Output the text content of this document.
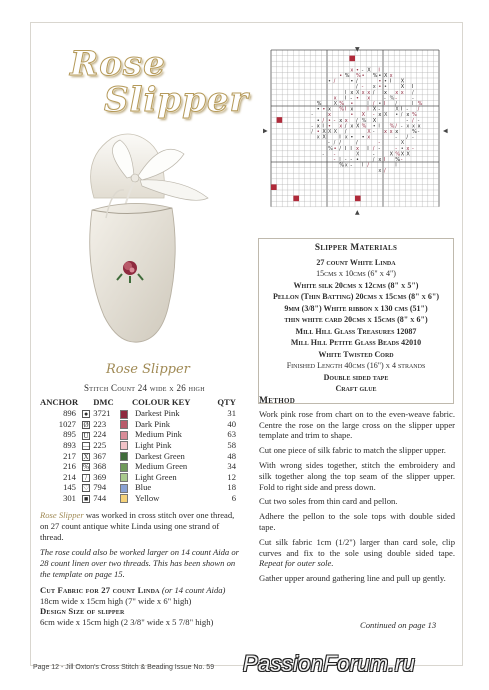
Rose
Slipper
x • - X I
• % % • % • X x
• /	• /	• • I X
/ - x • •	X I
I x X x x / x x x /
x I - • x	- % -	-
% X % •	I / • I /	I %
• • x % I x	I X -	X I - /
-	x	• X - x X • / x %
• / • - x x / % X	- / -
- x I • x / x X % • I % / - x x x
/ • X X X /	X - x x x	% -
x X	I x • • x	- / -
- / /	/	-	X
% • / I I x I / -	- • x -
- -	X	-	X % X X
- I - - •	/ x I % -
% x - I /	I
x /
▼
▲
▶	◀
Slipper Materials
27 count White Linda
15cms x 10cms (6" x 4")
White silk 20cms x 12cms (8" x 5")
Pellon (Thin Batting) 20cms x 15cms (8" x 6")
9mm (3/8") White ribbon x 130 cms (51")
thin white card 20cms x 15cms (8" x 6")
Mill Hill Glass Treasures 12087
Mill Hill Petite Glass Beads 42010
White Twisted Cord
Finished Length 40cms (16") x 4 strands
Double sided tape
Craft glue
Rose Slipper
Stitch Count 24 wide x 26 high
ANCHOR		DMC		COLOUR KEY	QTY
896	●	3721		Darkest Pink	31
1027	Ø	223		Dark Pink	40
895	U	224		Medium Pink	63
893	—	225		Light Pink	58
217	X	367		Darkest Green	48
216	%	368		Medium Green	34
214	/	369		Light Green	12
145	♡	794		Blue	18
301	■	744		Yellow	6

Rose Slipper was worked in cross stitch over one thread, on 27 count antique white Linda using one strand of thread.

The rose could also be worked larger on 14 count Aida or 28 count linen over two threads. This has been shown on the template on page 15.

Cut Fabric for 27 count Linda (or 14 count Aida) 18cm wide x 15cm high (7" wide x 6" high)
Design Size of slipper
6cm wide x 15cm high (2 3/8" wide x 5 7/8" high)
Method

Work pink rose from chart on to the even-weave fabric. Centre the rose on the large cross on the slipper upper template and trim to shape.

Cut one piece of silk fabric to match the slipper upper.

With wrong sides together, stitch the embroidery and silk together along the top seam of the slipper upper. Fold to right side and press down.

Cut two soles from thin card and pellon.

Adhere the pellon to the sole tops with double sided tape.

Cut silk fabric 1cm (1/2") larger than card sole, clip curves and fix to the sole using double sided tape. Repeat for outer sole.

Gather upper around gathering line and pull up gently.

Continued on page 13
Page 12 - Jill Oxton's Cross Stitch & Beading Issue No. 59 PassionForum.ru
